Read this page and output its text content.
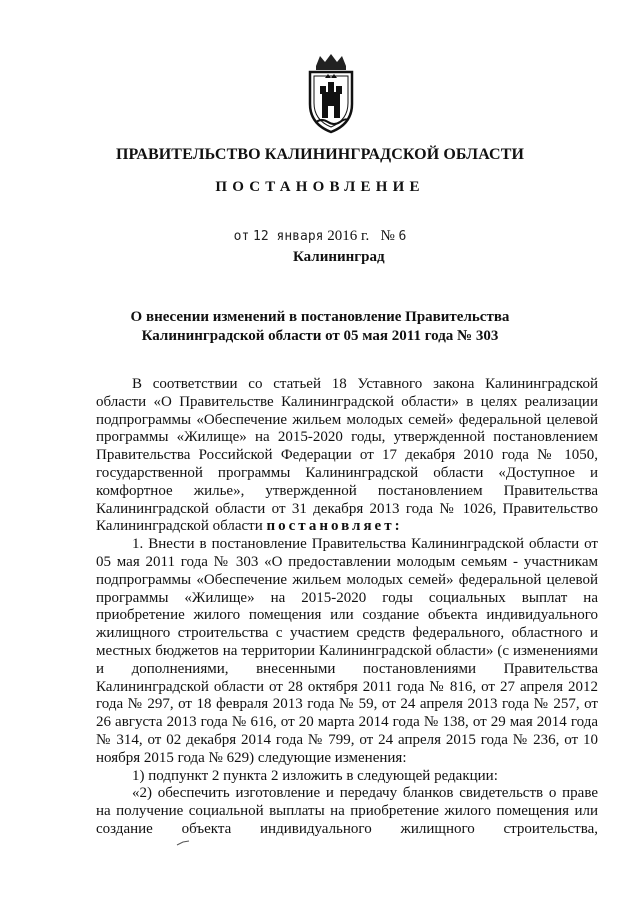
ПРАВИТЕЛЬСТВО КАЛИНИНГРАДСКОЙ ОБЛАСТИ
ПОСТАНОВЛЕНИЕ
от 12 января 2016 г. № 6
Калининград
О внесении изменений в постановление Правительства
Калининградской области от 05 мая 2011 года № 303

В соответствии со статьей 18 Уставного закона Калининградской области «О Правительстве Калининградской области» в целях реализации подпрограммы «Обеспечение жильем молодых семей» федеральной целевой программы «Жилище» на 2015-2020 годы, утвержденной постановлением Правительства Российской Федерации от 17 декабря 2010 года № 1050, государственной программы Калининградской области «Доступное и комфортное жилье», утвержденной постановлением Правительства Калининградской области от 31 декабря 2013 года № 1026, Правительство Калининградской области постановляет:

1. Внести в постановление Правительства Калининградской области от 05 мая 2011 года № 303 «О предоставлении молодым семьям - участникам подпрограммы «Обеспечение жильем молодых семей» федеральной целевой программы «Жилище» на 2015-2020 годы социальных выплат на приобретение жилого помещения или создание объекта индивидуального жилищного строительства с участием средств федерального, областного и местных бюджетов на территории Калининградской области» (с изменениями и дополнениями, внесенными постановлениями Правительства Калининградской области от 28 октября 2011 года № 816, от 27 апреля 2012 года № 297, от 18 февраля 2013 года № 59, от 24 апреля 2013 года № 257, от 26 августа 2013 года № 616, от 20 марта 2014 года № 138, от 29 мая 2014 года № 314, от 02 декабря 2014 года № 799, от 24 апреля 2015 года № 236, от 10 ноября 2015 года № 629) следующие изменения:

1) подпункт 2 пункта 2 изложить в следующей редакции:

«2) обеспечить изготовление и передачу бланков свидетельств о праве на получение социальной выплаты на приобретение жилого помещения или создание объекта индивидуального жилищного строительства,
